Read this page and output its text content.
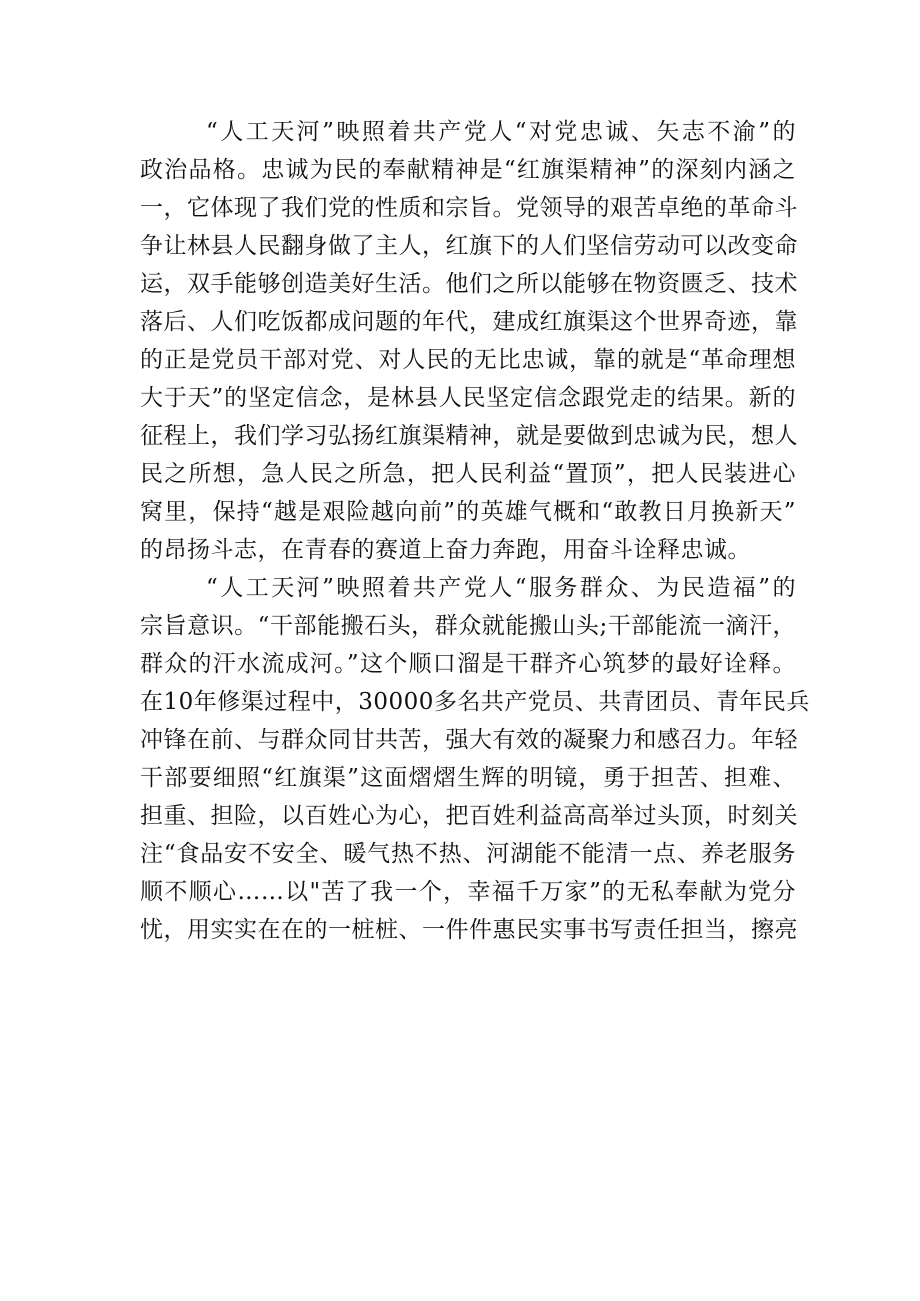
“人工天河”映照着共产党人“对党忠诚、矢志不渝”的
政治品格。忠诚为民的奉献精神是“红旗渠精神”的深刻内涵之
一，它体现了我们党的性质和宗旨。党领导的艰苦卓绝的革命斗
争让林县人民翻身做了主人，红旗下的人们坚信劳动可以改变命
运，双手能够创造美好生活。他们之所以能够在物资匮乏、技术
落后、人们吃饭都成问题的年代，建成红旗渠这个世界奇迹，靠
的正是党员干部对党、对人民的无比忠诚，靠的就是“革命理想
大于天”的坚定信念，是林县人民坚定信念跟党走的结果。新的
征程上，我们学习弘扬红旗渠精神，就是要做到忠诚为民，想人
民之所想，急人民之所急，把人民利益“置顶”，把人民装进心
窝里，保持“越是艰险越向前”的英雄气概和“敢教日月换新天”
的昂扬斗志，在青春的赛道上奋力奔跑，用奋斗诠释忠诚。
“人工天河”映照着共产党人“服务群众、为民造福”的
宗旨意识。“干部能搬石头，群众就能搬山头;干部能流一滴汗，
群众的汗水流成河。”这个顺口溜是干群齐心筑梦的最好诠释。
在10年修渠过程中，30000多名共产党员、共青团员、青年民兵
冲锋在前、与群众同甘共苦，强大有效的凝聚力和感召力。年轻
干部要细照“红旗渠”这面熠熠生辉的明镜，勇于担苦、担难、
担重、担险，以百姓心为心，把百姓利益高高举过头顶，时刻关
注“食品安不安全、暖气热不热、河湖能不能清一点、养老服务
顺不顺心……以"苦了我一个，幸福千万家”的无私奉献为党分
忧，用实实在在的一桩桩、一件件惠民实事书写责任担当，擦亮
